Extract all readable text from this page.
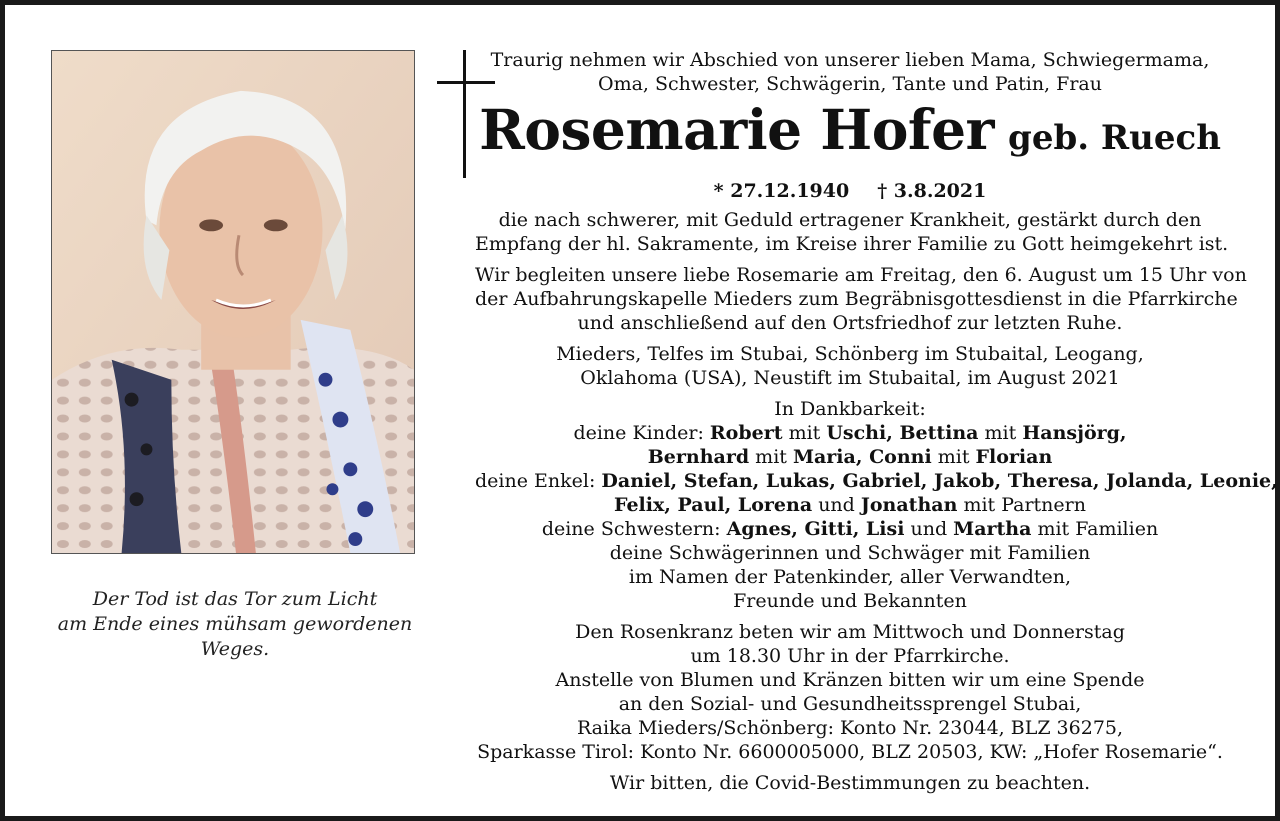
Der Tod ist das Tor zum Licht
am Ende eines mühsam gewordenen
Weges.
Traurig nehmen wir Abschied von unserer lieben Mama, Schwiegermama,
Oma, Schwester, Schwägerin, Tante und Patin, Frau
Rosemarie Hofer geb. Ruech
* 27.12.1940 † 3.8.2021
die nach schwerer, mit Geduld ertragener Krankheit, gestärkt durch den
Empfang der hl. Sakramente, im Kreise ihrer Familie zu Gott heimgekehrt ist.
Wir begleiten unsere liebe Rosemarie am Freitag, den 6. August um 15 Uhr von
der Aufbahrungskapelle Mieders zum Begräbnisgottesdienst in die Pfarrkirche
und anschließend auf den Ortsfriedhof zur letzten Ruhe.
Mieders, Telfes im Stubai, Schönberg im Stubaital, Leogang,
Oklahoma (USA), Neustift im Stubaital, im August 2021
In Dankbarkeit:
deine Kinder: Robert mit Uschi, Bettina mit Hansjörg,
Bernhard mit Maria, Conni mit Florian
deine Enkel: Daniel, Stefan, Lukas, Gabriel, Jakob, Theresa, Jolanda, Leonie,
Felix, Paul, Lorena und Jonathan mit Partnern
deine Schwestern: Agnes, Gitti, Lisi und Martha mit Familien
deine Schwägerinnen und Schwäger mit Familien
im Namen der Patenkinder, aller Verwandten,
Freunde und Bekannten
Den Rosenkranz beten wir am Mittwoch und Donnerstag
um 18.30 Uhr in der Pfarrkirche.
Anstelle von Blumen und Kränzen bitten wir um eine Spende
an den Sozial- und Gesundheitssprengel Stubai,
Raika Mieders/Schönberg: Konto Nr. 23044, BLZ 36275,
Sparkasse Tirol: Konto Nr. 6600005000, BLZ 20503, KW: „Hofer Rosemarie“.
Wir bitten, die Covid-Bestimmungen zu beachten.
